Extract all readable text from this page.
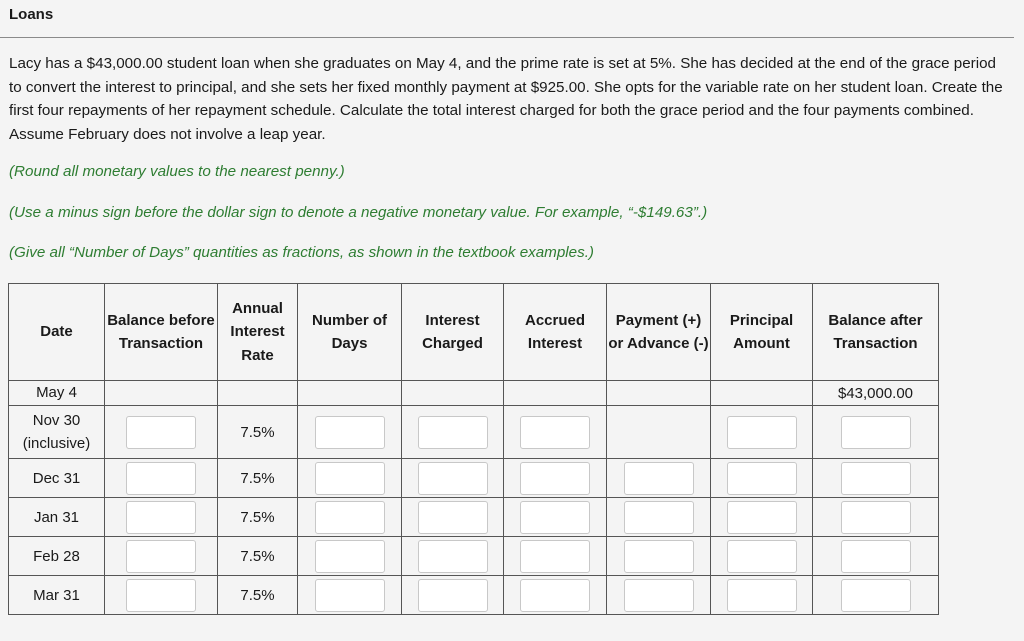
Loans
Lacy has a $43,000.00 student loan when she graduates on May 4, and the prime rate is set at 5%. She has decided at the end of the grace period to convert the interest to principal, and she sets her fixed monthly payment at $925.00. She opts for the variable rate on her student loan. Create the first four repayments of her repayment schedule. Calculate the total interest charged for both the grace period and the four payments combined. Assume February does not involve a leap year.
(Round all monetary values to the nearest penny.)
(Use a minus sign before the dollar sign to denote a negative monetary value. For example, “-$149.63”.)
(Give all “Number of Days” quantities as fractions, as shown in the textbook examples.)
Date	Balance before Transaction	Annual Interest Rate	Number of Days	Interest Charged	Accrued Interest	Payment (+) or Advance (-)	Principal Amount	Balance after Transaction
May 4								$43,000.00
Nov 30 (inclusive)		7.5%						
Dec 31		7.5%						
Jan 31		7.5%						
Feb 28		7.5%						
Mar 31		7.5%						
